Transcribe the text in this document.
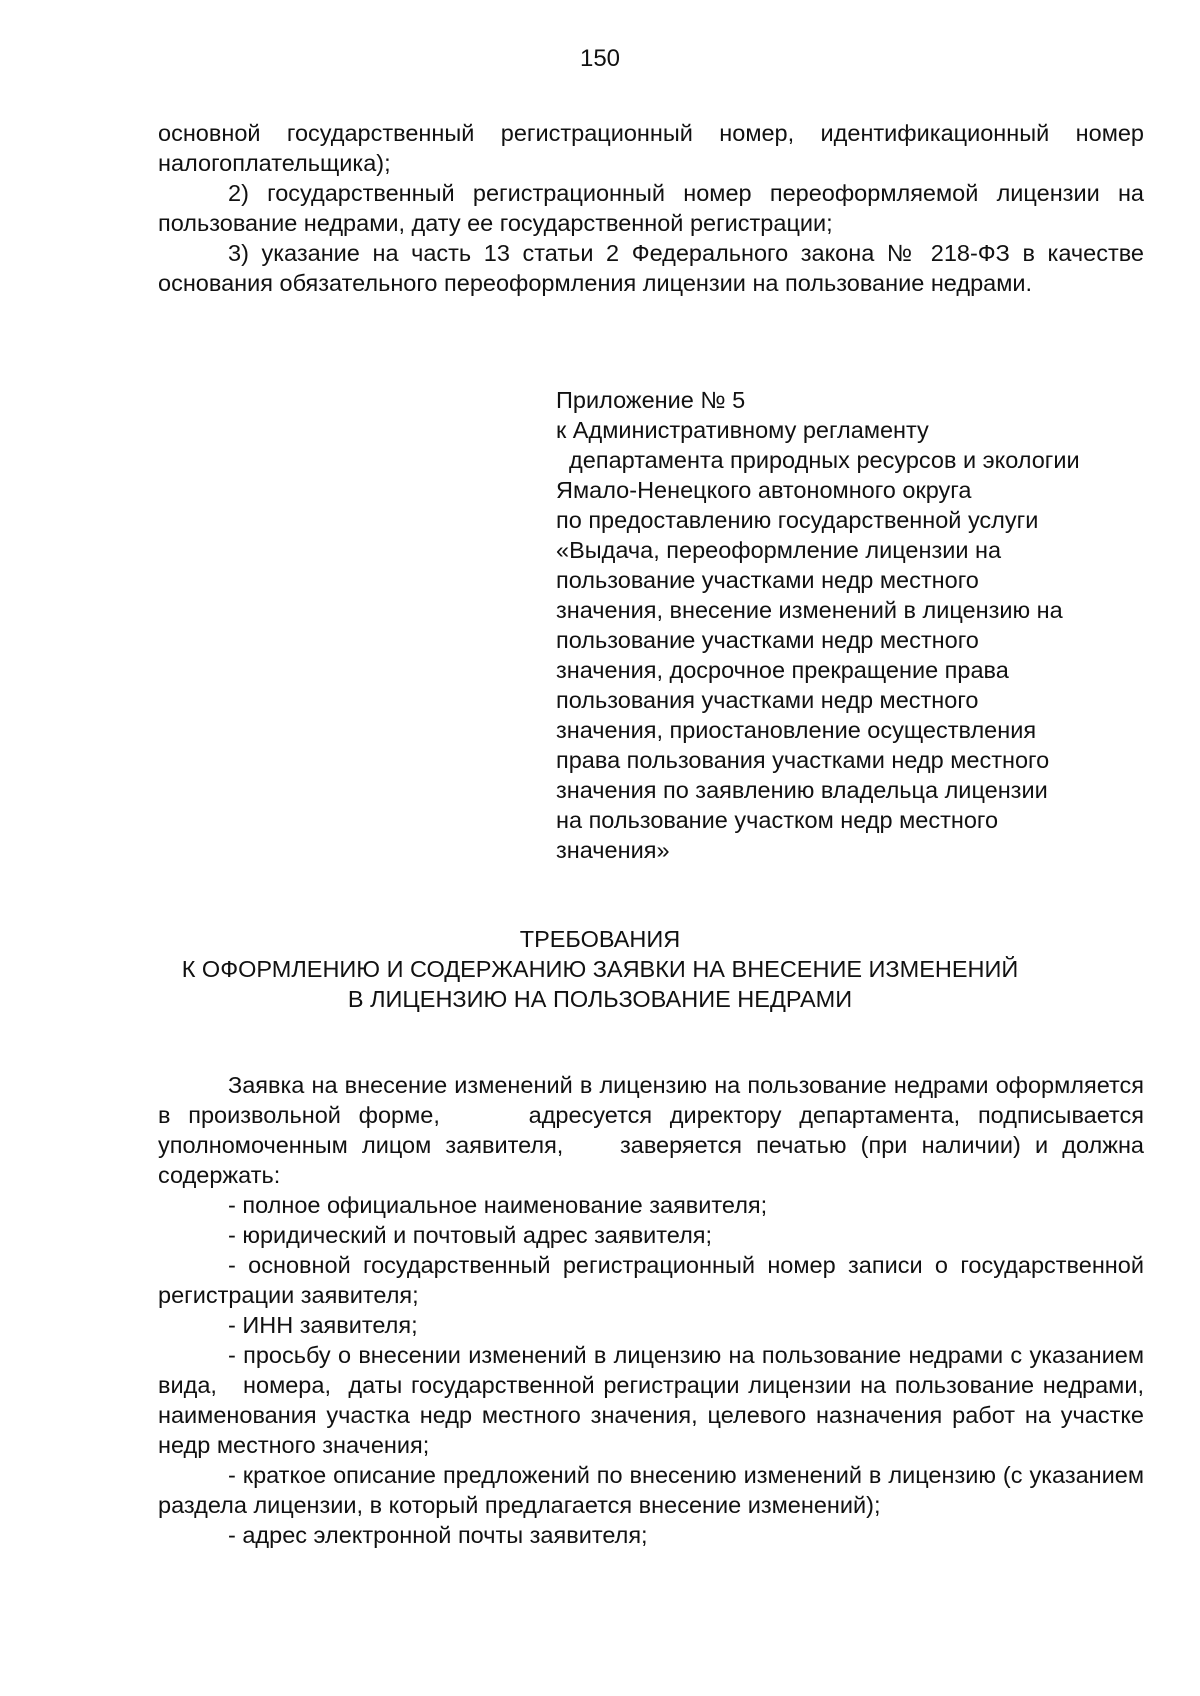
150

основной государственный регистрационный номер, идентификационный номер налогоплательщика);

2) государственный регистрационный номер переоформляемой лицензии на пользование недрами, дату ее государственной регистрации;

3) указание на часть 13 статьи 2 Федерального закона № 218-ФЗ в качестве основания обязательного переоформления лицензии на пользование недрами.

Приложение № 5
к Административному регламенту
департамента природных ресурсов и экологии
Ямало-Ненецкого автономного округа
по предоставлению государственной услуги
«Выдача, переоформление лицензии на
пользование участками недр местного
значения, внесение изменений в лицензию на
пользование участками недр местного
значения, досрочное прекращение права
пользования участками недр местного
значения, приостановление осуществления
права пользования участками недр местного
значения по заявлению владельца лицензии
на пользование участком недр местного
значения»
ТРЕБОВАНИЯ
К ОФОРМЛЕНИЮ И СОДЕРЖАНИЮ ЗАЯВКИ НА ВНЕСЕНИЕ ИЗМЕНЕНИЙ
В ЛИЦЕНЗИЮ НА ПОЛЬЗОВАНИЕ НЕДРАМИ

Заявка на внесение изменений в лицензию на пользование недрами оформляется в произвольной форме,     адресуется директору департамента, подписывается уполномоченным лицом заявителя,    заверяется печатью (при наличии) и должна содержать:

- полное официальное наименование заявителя;

- юридический и почтовый адрес заявителя;

- основной государственный регистрационный номер записи о государственной регистрации заявителя;

- ИНН заявителя;

- просьбу о внесении изменений в лицензию на пользование недрами с указанием вида,   номера,  даты государственной регистрации лицензии на пользование недрами, наименования участка недр местного значения, целевого назначения работ на участке недр местного значения;

- краткое описание предложений по внесению изменений в лицензию (с указанием раздела лицензии, в который предлагается внесение изменений);

- адрес электронной почты заявителя;
